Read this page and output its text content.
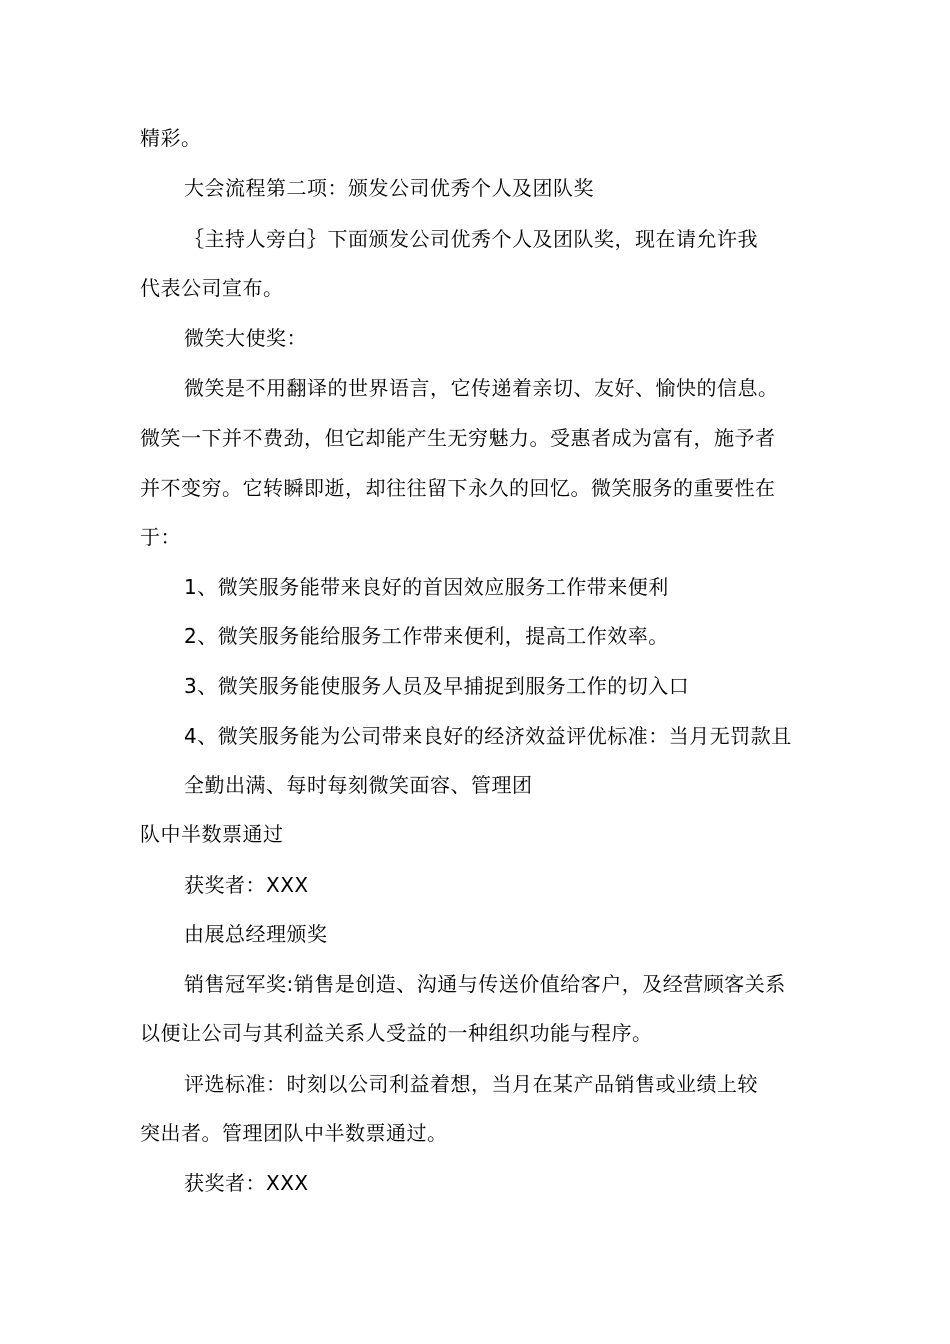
精彩。
大会流程第二项：颁发公司优秀个人及团队奖
｛主持人旁白｝下面颁发公司优秀个人及团队奖，现在请允许我
代表公司宣布。
微笑大使奖：
微笑是不用翻译的世界语言，它传递着亲切、友好、愉快的信息。
微笑一下并不费劲，但它却能产生无穷魅力。受惠者成为富有，施予者
并不变穷。它转瞬即逝，却往往留下永久的回忆。微笑服务的重要性在
于：
1、微笑服务能带来良好的首因效应服务工作带来便利
2、微笑服务能给服务工作带来便利，提高工作效率。
3、微笑服务能使服务人员及早捕捉到服务工作的切入口
4、微笑服务能为公司带来良好的经济效益评优标准：当月无罚款且
全勤出满、每时每刻微笑面容、管理团
队中半数票通过
获奖者：XXX
由展总经理颁奖
销售冠军奖:销售是创造、沟通与传送价值给客户，及经营顾客关系
以便让公司与其利益关系人受益的一种组织功能与程序。
评选标准：时刻以公司利益着想，当月在某产品销售或业绩上较
突出者。管理团队中半数票通过。
获奖者：XXX
